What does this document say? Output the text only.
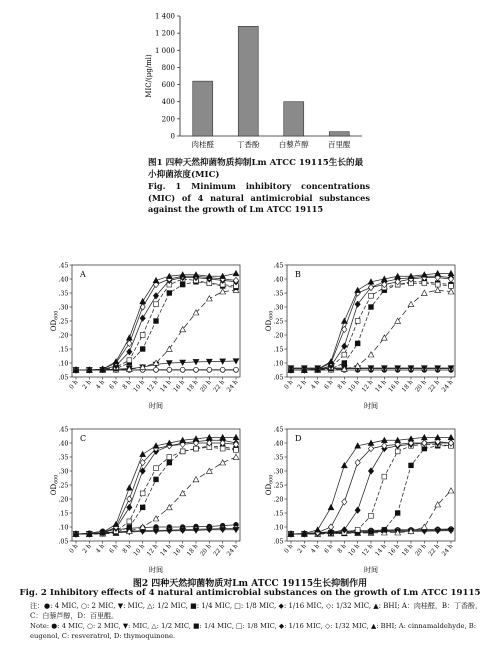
0
200
400
600
800
1 000
1 200
1 400
MIC/(μg/ml)
肉桂醛	丁香酚	白藜芦醇	百里醌
图1 四种天然抑菌物质抑制Lm ATCC 19115生长的最小抑菌浓度(MIC)
Fig. 1 Minimum inhibitory concentrations (MIC) of 4 natural antimicrobial substances against the growth of Lm ATCC 19115
.05
.10
.15
.20
.25
.30
.35
.40
.45
0 h 2 h 4 h 6 h 8 h 10 h 12 h 14 h 16 h 18 h 20 h 22 h 24 h
时间
$OD_{600}$
A
.05
.10
.15
.20
.25
.30
.35
.40
.45
0 h 2 h 4 h 6 h 8 h 10 h 12 h 14 h 16 h 18 h 20 h 22 h 24 h
时间
$OD_{600}$
B
.05
.10
.15
.20
.25
.30
.35
.40
.45
0 h 2 h 4 h 6 h 8 h 10 h 12 h 14 h 16 h 18 h 20 h 22 h 24 h
时间
$OD_{600}$
C
.05
.10
.15
.20
.25
.30
.35
.40
.45
0 h 2 h 4 h 6 h 8 h 10 h 12 h 14 h 16 h 18 h 20 h 22 h 24 h
时间
$OD_{600}$
D
图2 四种天然抑菌物质对Lm ATCC 19115生长抑制作用
Fig. 2 Inhibitory effects of 4 natural antimicrobial substances on the growth of Lm ATCC 19115
注：●: 4 MIC, ○: 2 MIC, ▼: MIC, △: 1/2 MIC, ■: 1/4 MIC, □: 1/8 MIC, ◆: 1/16 MIC, ◇: 1/32 MIC, ▲: BHI; A：肉桂醛，B：丁香酚，C：白藜芦醇，D：百里醌。
Note: ●: 4 MIC, ○: 2 MIC, ▼: MIC, △: 1/2 MIC, ■: 1/4 MIC, □: 1/8 MIC, ◆: 1/16 MIC, ◇: 1/32 MIC, ▲: BHI; A: cinnamaldehyde, B: eugenol, C: resveratrol, D: thymoquinone.
